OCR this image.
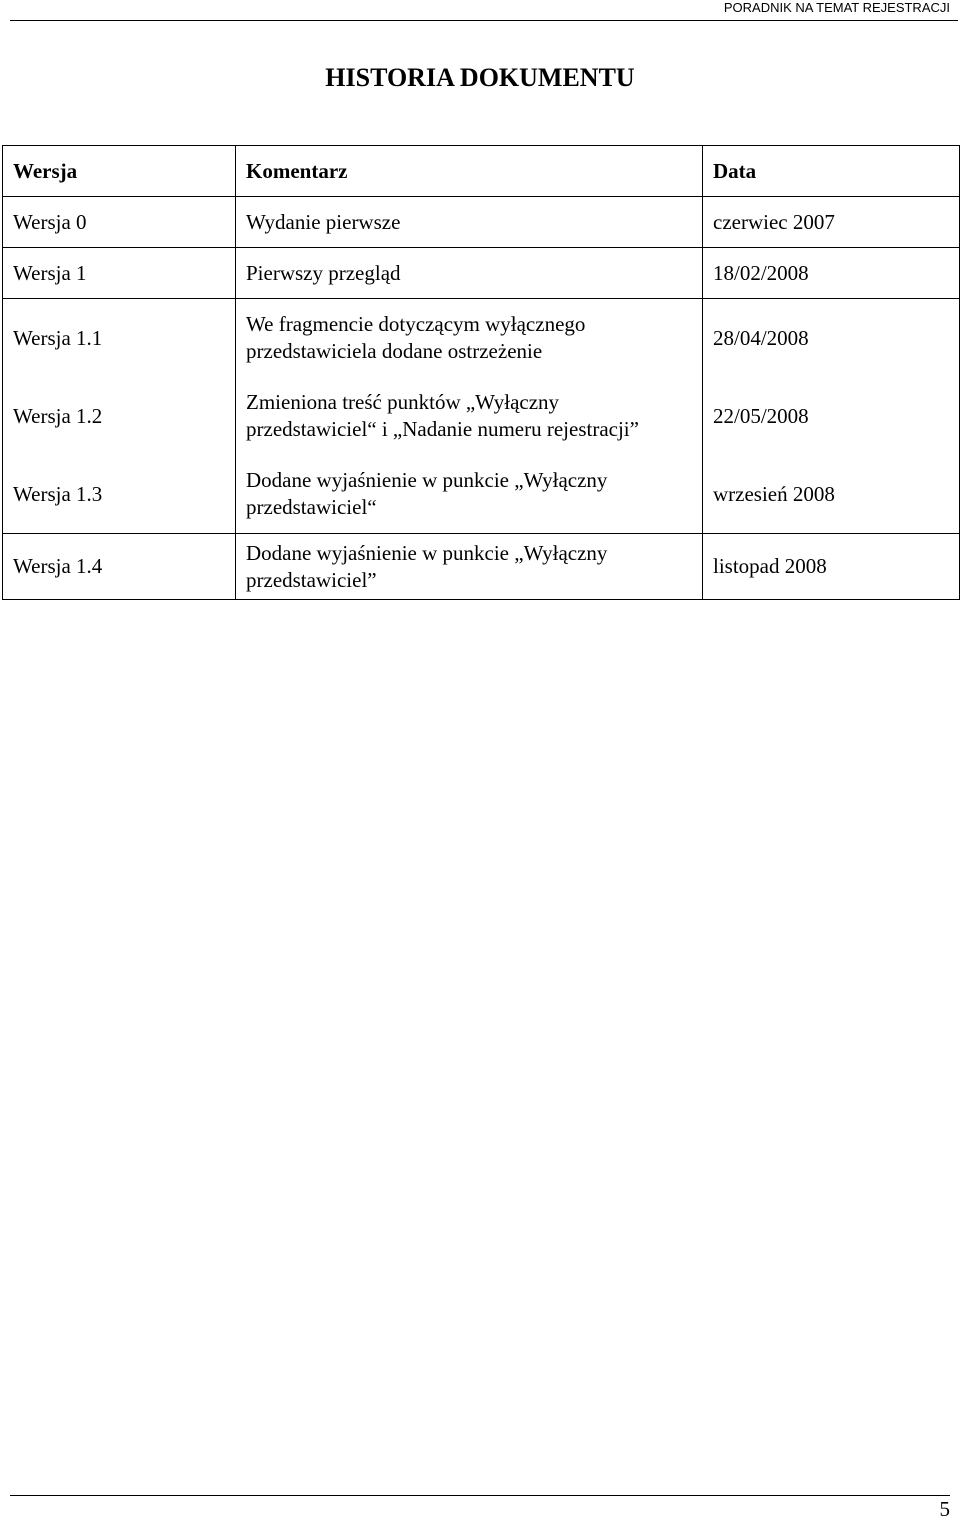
PORADNIK NA TEMAT REJESTRACJI
HISTORIA DOKUMENTU
Wersja	Komentarz	Data
Wersja 0	Wydanie pierwsze	czerwiec 2007
Wersja 1	Pierwszy przegląd	18/02/2008
Wersja 1.1	We fragmencie dotyczącym wyłącznego przedstawiciela dodane ostrzeżenie	28/04/2008
Wersja 1.2	Zmieniona treść punktów „Wyłączny przedstawiciel“ i „Nadanie numeru rejestracji”	22/05/2008
Wersja 1.3	Dodane wyjaśnienie w punkcie „Wyłączny przedstawiciel“	wrzesień 2008
Wersja 1.4	Dodane wyjaśnienie w punkcie „Wyłączny przedstawiciel”	listopad 2008
5
